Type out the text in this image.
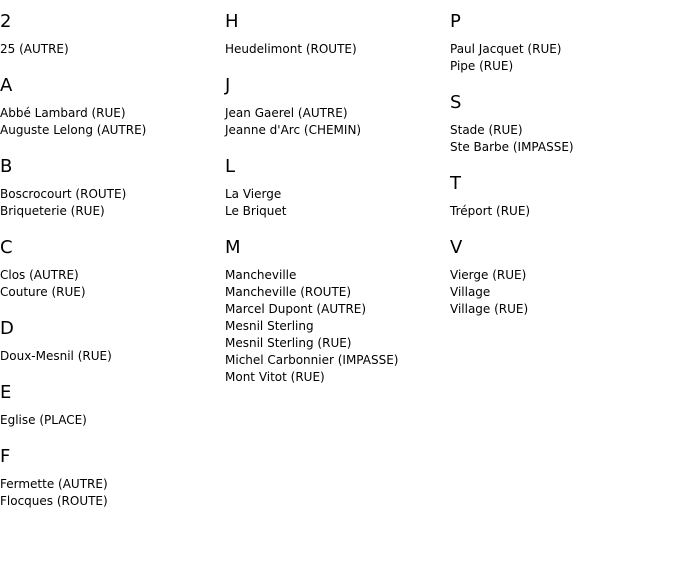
2
25 (AUTRE)
A
Abbé Lambard (RUE)
Auguste Lelong (AUTRE)
B
Boscrocourt (ROUTE)
Briqueterie (RUE)
C
Clos (AUTRE)
Couture (RUE)
D
Doux-Mesnil (RUE)
E
Eglise (PLACE)
F
Fermette (AUTRE)
Flocques (ROUTE)
H
Heudelimont (ROUTE)
J
Jean Gaerel (AUTRE)
Jeanne d'Arc (CHEMIN)
L
La Vierge
Le Briquet
M
Mancheville
Mancheville (ROUTE)
Marcel Dupont (AUTRE)
Mesnil Sterling
Mesnil Sterling (RUE)
Michel Carbonnier (IMPASSE)
Mont Vitot (RUE)
P
Paul Jacquet (RUE)
Pipe (RUE)
S
Stade (RUE)
Ste Barbe (IMPASSE)
T
Tréport (RUE)
V
Vierge (RUE)
Village
Village (RUE)
